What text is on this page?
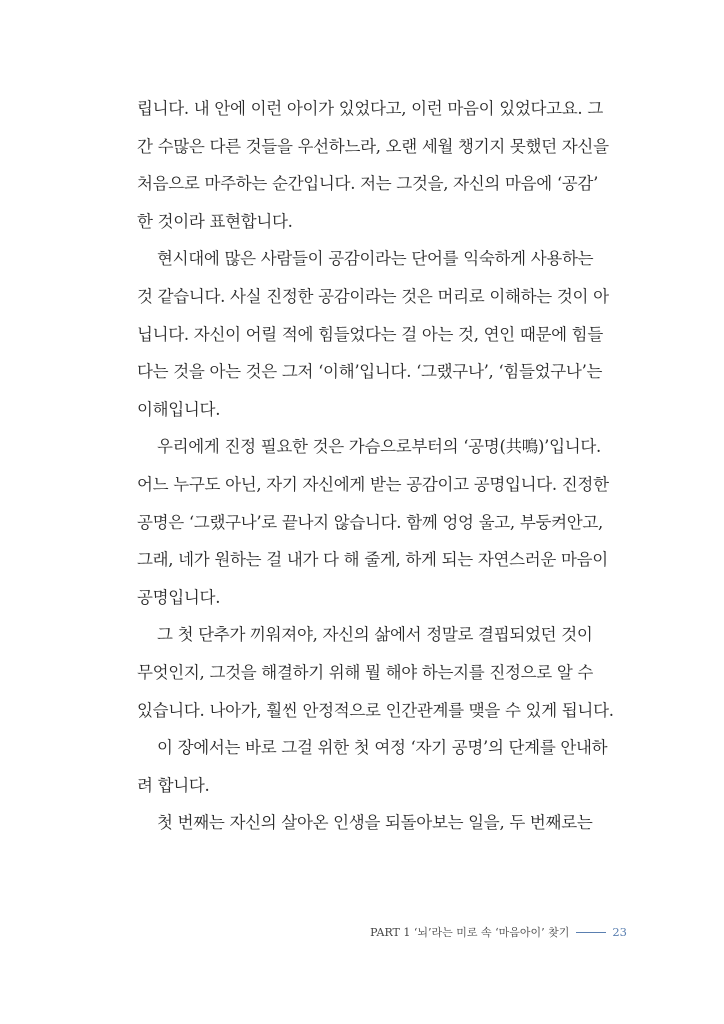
립니다. 내 안에 이런 아이가 있었다고, 이런 마음이 있었다고요. 그
간 수많은 다른 것들을 우선하느라, 오랜 세월 챙기지 못했던 자신을
처음으로 마주하는 순간입니다. 저는 그것을, 자신의 마음에 ‘공감’
한 것이라 표현합니다.
현시대에 많은 사람들이 공감이라는 단어를 익숙하게 사용하는
것 같습니다. 사실 진정한 공감이라는 것은 머리로 이해하는 것이 아
닙니다. 자신이 어릴 적에 힘들었다는 걸 아는 것, 연인 때문에 힘들
다는 것을 아는 것은 그저 ‘이해’입니다. ‘그랬구나’, ‘힘들었구나’는
이해입니다.
우리에게 진정 필요한 것은 가슴으로부터의 ‘공명(共鳴)’입니다.
어느 누구도 아닌, 자기 자신에게 받는 공감이고 공명입니다. 진정한
공명은 ‘그랬구나’로 끝나지 않습니다. 함께 엉엉 울고, 부둥켜안고,
그래, 네가 원하는 걸 내가 다 해 줄게, 하게 되는 자연스러운 마음이
공명입니다.
그 첫 단추가 끼워져야, 자신의 삶에서 정말로 결핍되었던 것이
무엇인지, 그것을 해결하기 위해 뭘 해야 하는지를 진정으로 알 수
있습니다. 나아가, 훨씬 안정적으로 인간관계를 맺을 수 있게 됩니다.
이 장에서는 바로 그걸 위한 첫 여정 ‘자기 공명’의 단계를 안내하
려 합니다.
첫 번째는 자신의 살아온 인생을 되돌아보는 일을, 두 번째로는
PART 1 ‘뇌’라는 미로 속 ‘마음아이’ 찾기	23
